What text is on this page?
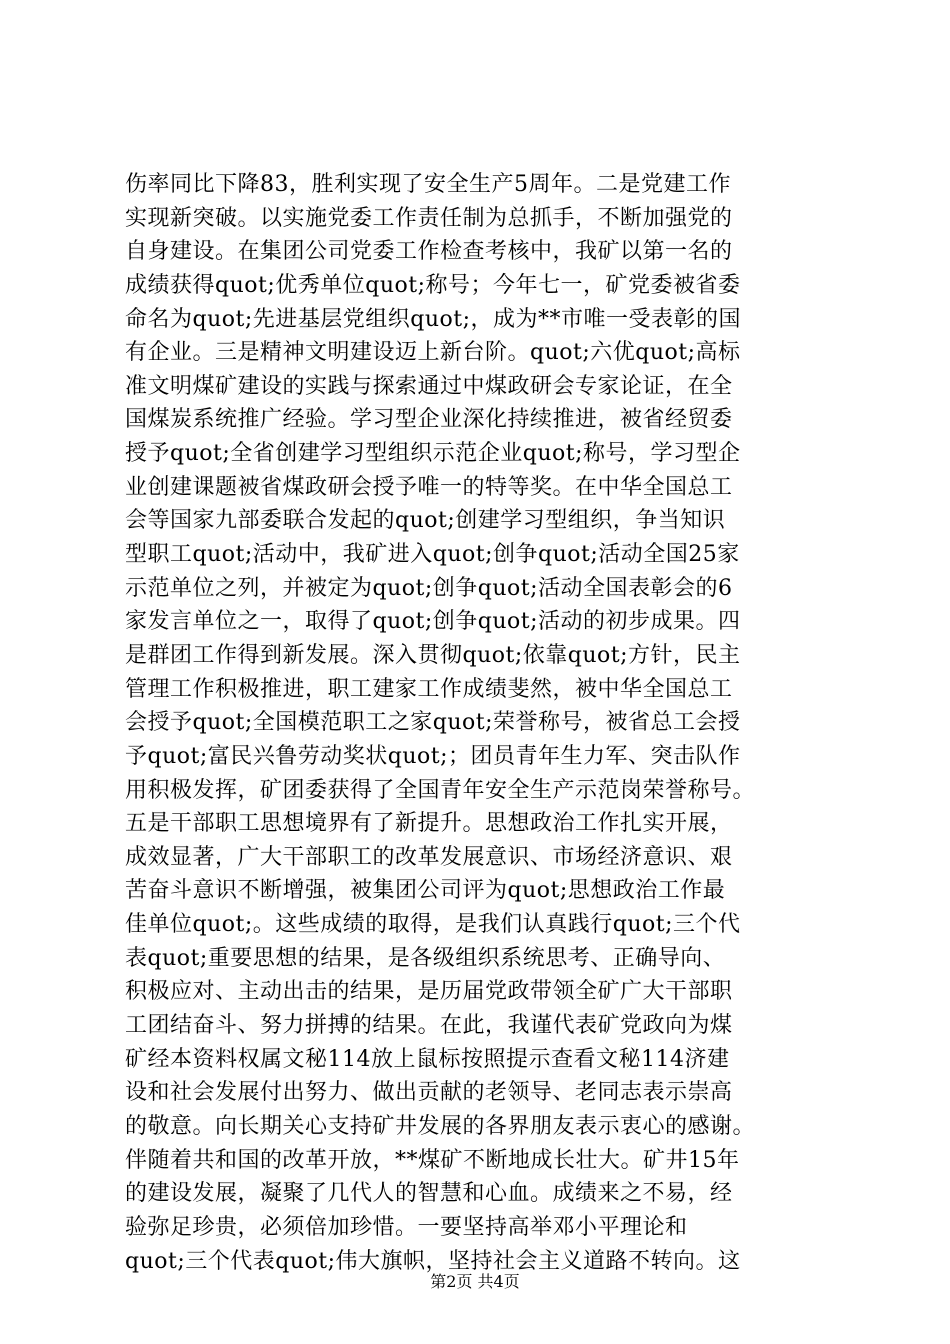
伤率同比下降83，胜利实现了安全生产5周年。二是党建工作
实现新突破。以实施党委工作责任制为总抓手，不断加强党的
自身建设。在集团公司党委工作检查考核中，我矿以第一名的
成绩获得quot;优秀单位quot;称号；今年七一，矿党委被省委
命名为quot;先进基层党组织quot;，成为**市唯一受表彰的国
有企业。三是精神文明建设迈上新台阶。quot;六优quot;高标
准文明煤矿建设的实践与探索通过中煤政研会专家论证，在全
国煤炭系统推广经验。学习型企业深化持续推进，被省经贸委
授予quot;全省创建学习型组织示范企业quot;称号，学习型企
业创建课题被省煤政研会授予唯一的特等奖。在中华全国总工
会等国家九部委联合发起的quot;创建学习型组织，争当知识
型职工quot;活动中，我矿进入quot;创争quot;活动全国25家
示范单位之列，并被定为quot;创争quot;活动全国表彰会的6
家发言单位之一，取得了quot;创争quot;活动的初步成果。四
是群团工作得到新发展。深入贯彻quot;依靠quot;方针，民主
管理工作积极推进，职工建家工作成绩斐然，被中华全国总工
会授予quot;全国模范职工之家quot;荣誉称号，被省总工会授
予quot;富民兴鲁劳动奖状quot;；团员青年生力军、突击队作
用积极发挥，矿团委获得了全国青年安全生产示范岗荣誉称号。
五是干部职工思想境界有了新提升。思想政治工作扎实开展，
成效显著，广大干部职工的改革发展意识、市场经济意识、艰
苦奋斗意识不断增强，被集团公司评为quot;思想政治工作最
佳单位quot;。这些成绩的取得，是我们认真践行quot;三个代
表quot;重要思想的结果，是各级组织系统思考、正确导向、
积极应对、主动出击的结果，是历届党政带领全矿广大干部职
工团结奋斗、努力拼搏的结果。在此，我谨代表矿党政向为煤
矿经本资料权属文秘114放上鼠标按照提示查看文秘114济建
设和社会发展付出努力、做出贡献的老领导、老同志表示崇高
的敬意。向长期关心支持矿井发展的各界朋友表示衷心的感谢。
伴随着共和国的改革开放，**煤矿不断地成长壮大。矿井15年
的建设发展，凝聚了几代人的智慧和心血。成绩来之不易，经
验弥足珍贵，必须倍加珍惜。一要坚持高举邓小平理论和
quot;三个代表quot;伟大旗帜，坚持社会主义道路不转向。这
第2页 共4页
